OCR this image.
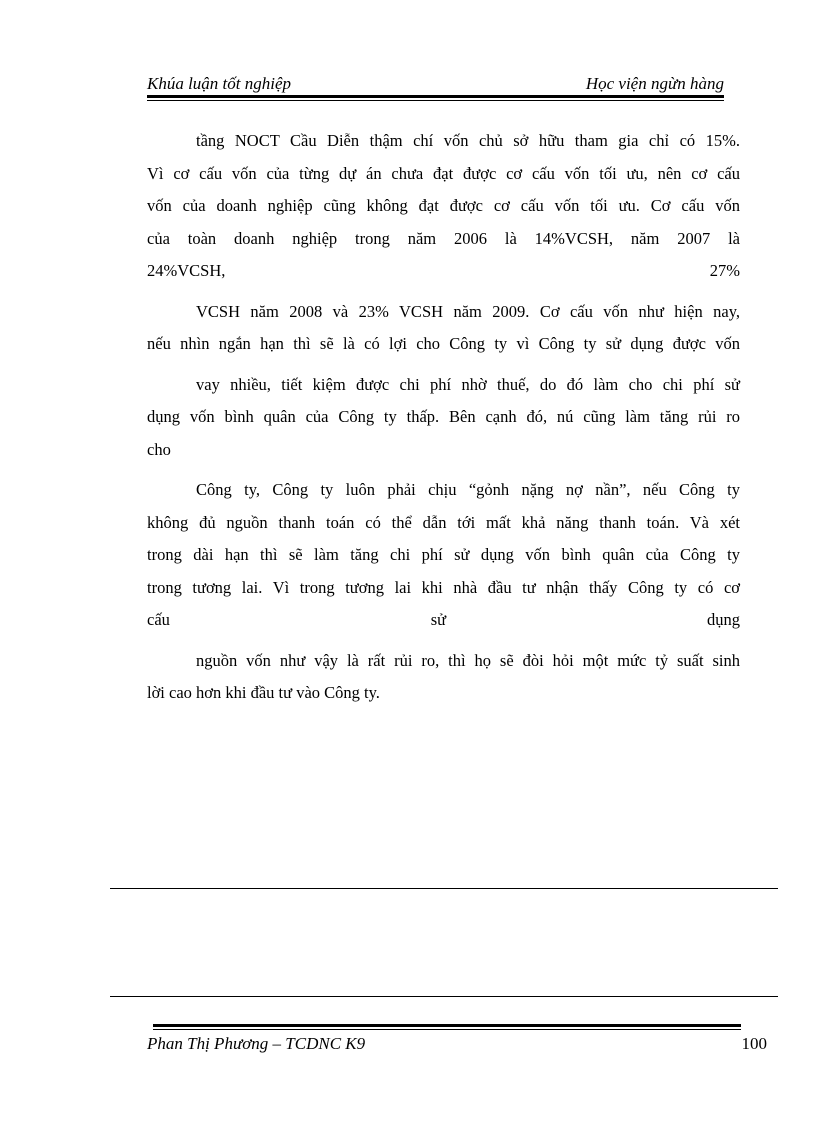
Khúa luận tốt nghiệp	Học viện ngừn hàng
tầng NOCT Cầu Diễn thậm chí vốn chủ sở hữu tham gia chỉ có 15%.
Vì cơ cấu vốn của từng dự án chưa đạt được cơ cấu vốn tối ưu, nên cơ cấu
vốn của doanh nghiệp cũng không đạt được cơ cấu vốn tối ưu. Cơ cấu vốn
của toàn doanh nghiệp trong năm 2006 là 14%VCSH, năm 2007 là
24%VCSH,	27%
VCSH năm 2008 và 23% VCSH năm 2009. Cơ cấu vốn như hiện nay,
nếu nhìn ngắn hạn thì sẽ là có lợi cho Công ty vì Công ty sử dụng được vốn
vay nhiều, tiết kiệm được chi phí nhờ thuế, do đó làm cho chi phí sử
dụng vốn bình quân của Công ty thấp. Bên cạnh đó, nú cũng làm tăng rủi ro
cho
Công ty, Công ty luôn phải chịu “gỏnh nặng nợ nần”, nếu Công ty
không đủ nguồn thanh toán có thể dẫn tới mất khả năng thanh toán. Và xét
trong dài hạn thì sẽ làm tăng chi phí sử dụng vốn bình quân của Công ty
trong tương lai. Vì trong tương lai khi nhà đầu tư nhận thấy Công ty có cơ
cấu	sử	dụng
nguồn vốn như vậy là rất rủi ro, thì họ sẽ đòi hỏi một mức tỷ suất sinh
lời cao hơn khi đầu tư vào Công ty.
Phan Thị Phương – TCDNC K9	100
